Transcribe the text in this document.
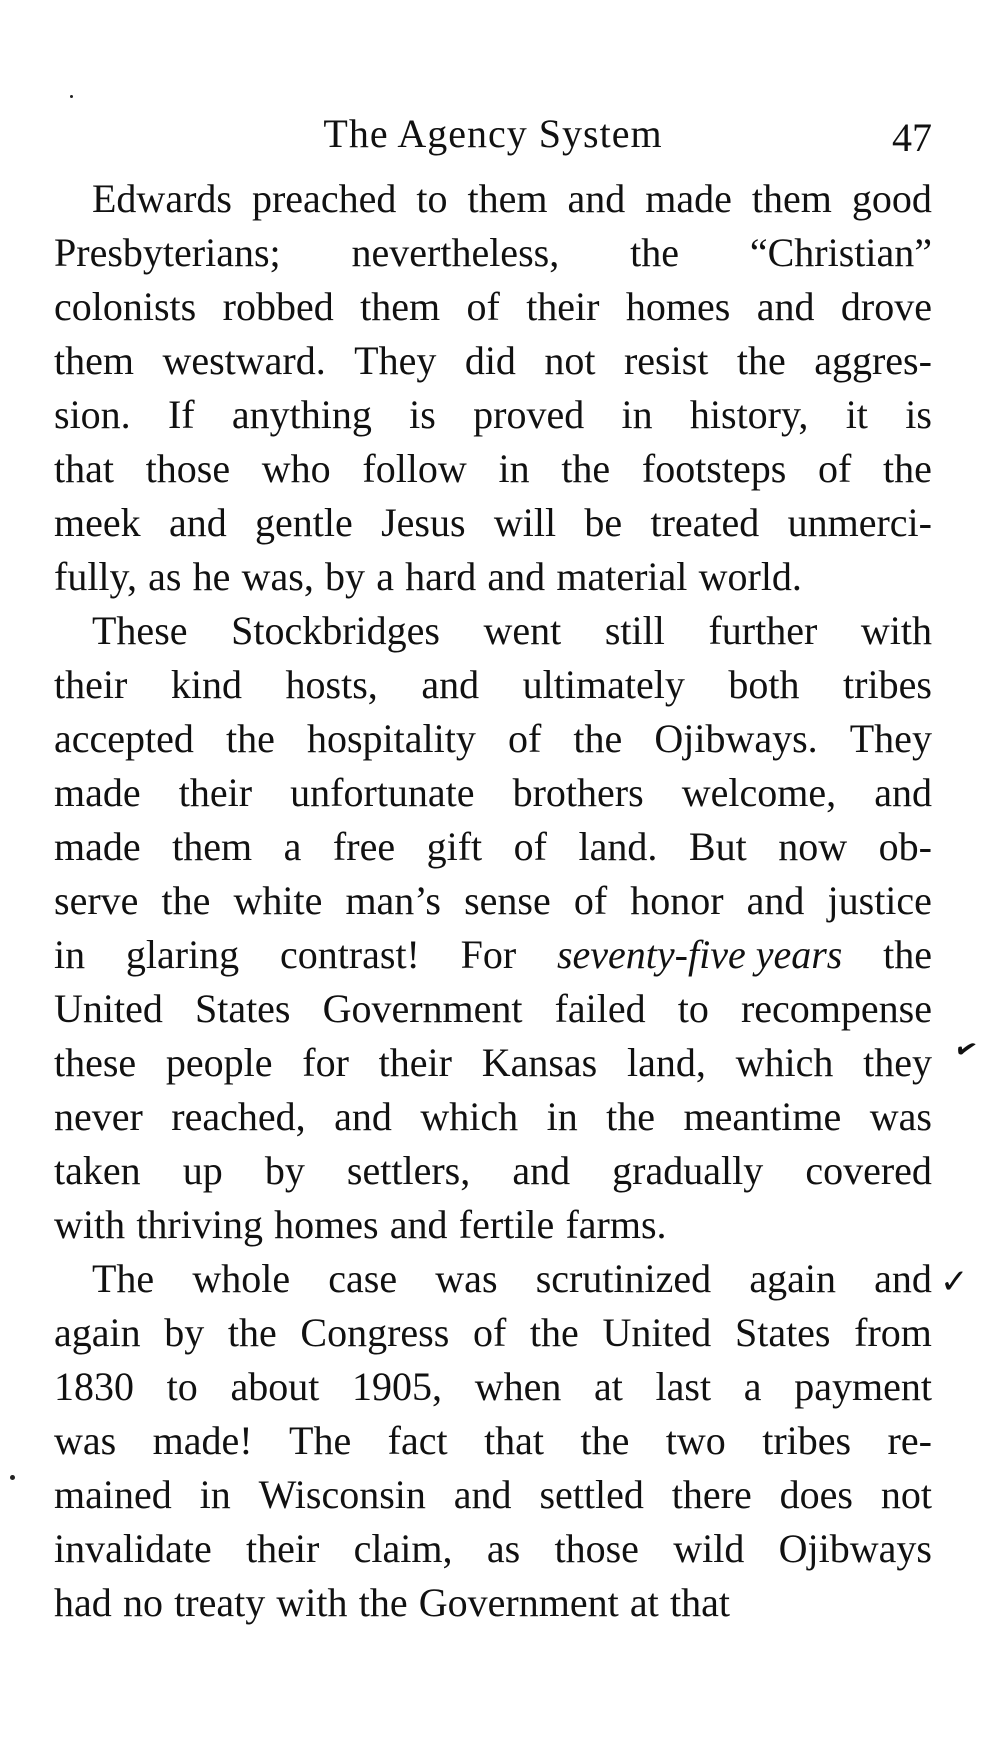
The Agency System	47
Edwards preached to them and made them good
Presbyterians; nevertheless, the “Christian”
colonists robbed them of their homes and drove
them westward. They did not resist the aggres-
sion. If anything is proved in history, it is
that those who follow in the footsteps of the
meek and gentle Jesus will be treated unmerci-
fully, as he was, by a hard and material world.
These Stockbridges went still further with
their kind hosts, and ultimately both tribes
accepted the hospitality of the Ojibways. They
made their unfortunate brothers welcome, and
made them a free gift of land. But now ob-
serve the white man’s sense of honor and justice
in glaring contrast! For seventy-five years the
United States Government failed to recompense
these people for their Kansas land, which they
never reached, and which in the meantime was
taken up by settlers, and gradually covered
with thriving homes and fertile farms.
The whole case was scrutinized again and
again by the Congress of the United States from
1830 to about 1905, when at last a payment
was made! The fact that the two tribes re-
mained in Wisconsin and settled there does not
invalidate their claim, as those wild Ojibways
had no treaty with the Government at that
✔
✓
